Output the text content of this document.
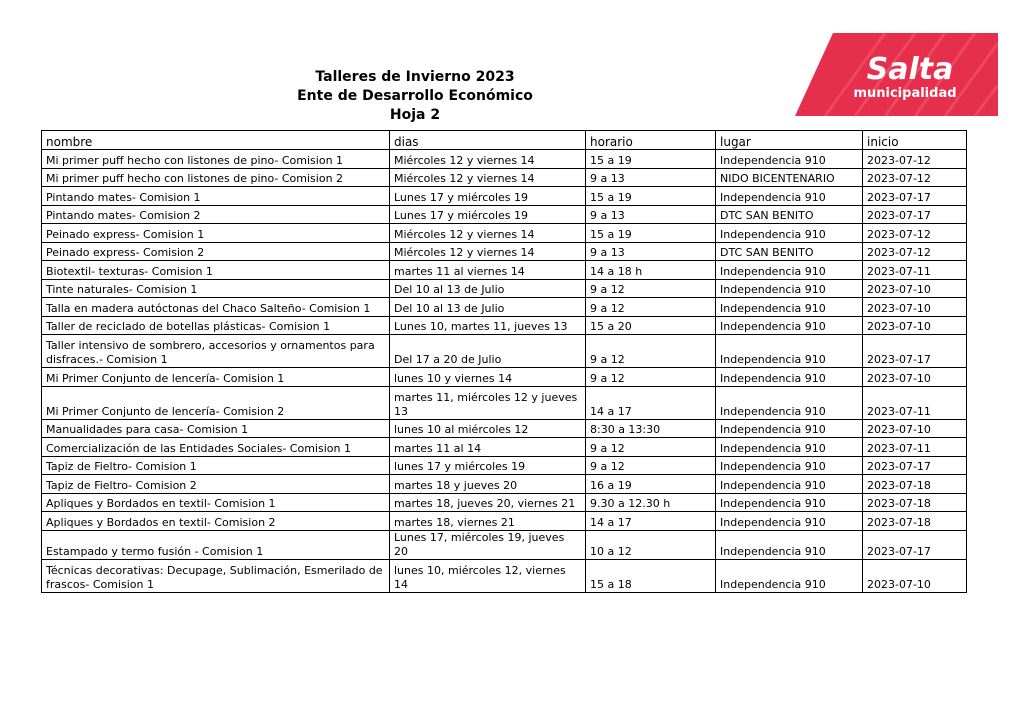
Talleres de Invierno 2023
Ente de Desarrollo Económico
Hoja 2
Salta
municipalidad
nombre	dias	horario	lugar	inicio
Mi primer puff hecho con listones de pino- Comision 1	Miércoles 12 y viernes 14	15 a 19	Independencia 910	2023-07-12
Mi primer puff hecho con listones de pino- Comision 2	Miércoles 12 y viernes 14	9 a 13	NIDO BICENTENARIO	2023-07-12
Pintando mates- Comision 1	Lunes 17 y miércoles 19	15 a 19	Independencia 910	2023-07-17
Pintando mates- Comision 2	Lunes 17 y miércoles 19	9 a 13	DTC SAN BENITO	2023-07-17
Peinado express- Comision 1	Miércoles 12 y viernes 14	15 a 19	Independencia 910	2023-07-12
Peinado express- Comision 2	Miércoles 12 y viernes 14	9 a 13	DTC SAN BENITO	2023-07-12
Biotextil- texturas- Comision 1	martes 11 al viernes 14	14 a 18 h	Independencia 910	2023-07-11
Tinte naturales- Comision 1	Del 10 al 13 de Julio	9 a 12	Independencia 910	2023-07-10
Talla en madera autóctonas del Chaco Salteño- Comision 1	Del 10 al 13 de Julio	9 a 12	Independencia 910	2023-07-10
Taller de reciclado de botellas plásticas- Comision 1	Lunes 10, martes 11, jueves 13	15 a 20	Independencia 910	2023-07-10
Taller intensivo de sombrero, accesorios y ornamentos para disfraces.- Comision 1	Del 17 a 20 de Julio	9 a 12	Independencia 910	2023-07-17
Mi Primer Conjunto de lencería- Comision 1	lunes 10 y viernes 14	9 a 12	Independencia 910	2023-07-10
Mi Primer Conjunto de lencería- Comision 2	martes 11, miércoles 12 y jueves 13	14 a 17	Independencia 910	2023-07-11
Manualidades para casa- Comision 1	lunes 10 al miércoles 12	8:30 a 13:30	Independencia 910	2023-07-10
Comercialización de las Entidades Sociales- Comision 1	martes 11 al 14	9 a 12	Independencia 910	2023-07-11
Tapiz de Fieltro- Comision 1	lunes 17 y miércoles 19	9 a 12	Independencia 910	2023-07-17
Tapiz de Fieltro- Comision 2	martes 18 y jueves 20	16 a 19	Independencia 910	2023-07-18
Apliques y Bordados en textil- Comision 1	martes 18, jueves 20, viernes 21	9.30 a 12.30 h	Independencia 910	2023-07-18
Apliques y Bordados en textil- Comision 2	martes 18, viernes 21	14 a 17	Independencia 910	2023-07-18
Estampado y termo fusión - Comision 1	Lunes 17, miércoles 19, jueves 20	10 a 12	Independencia 910	2023-07-17
Técnicas decorativas: Decupage, Sublimación, Esmerilado de frascos- Comision 1	lunes 10, miércoles 12, viernes 14	15 a 18	Independencia 910	2023-07-10
